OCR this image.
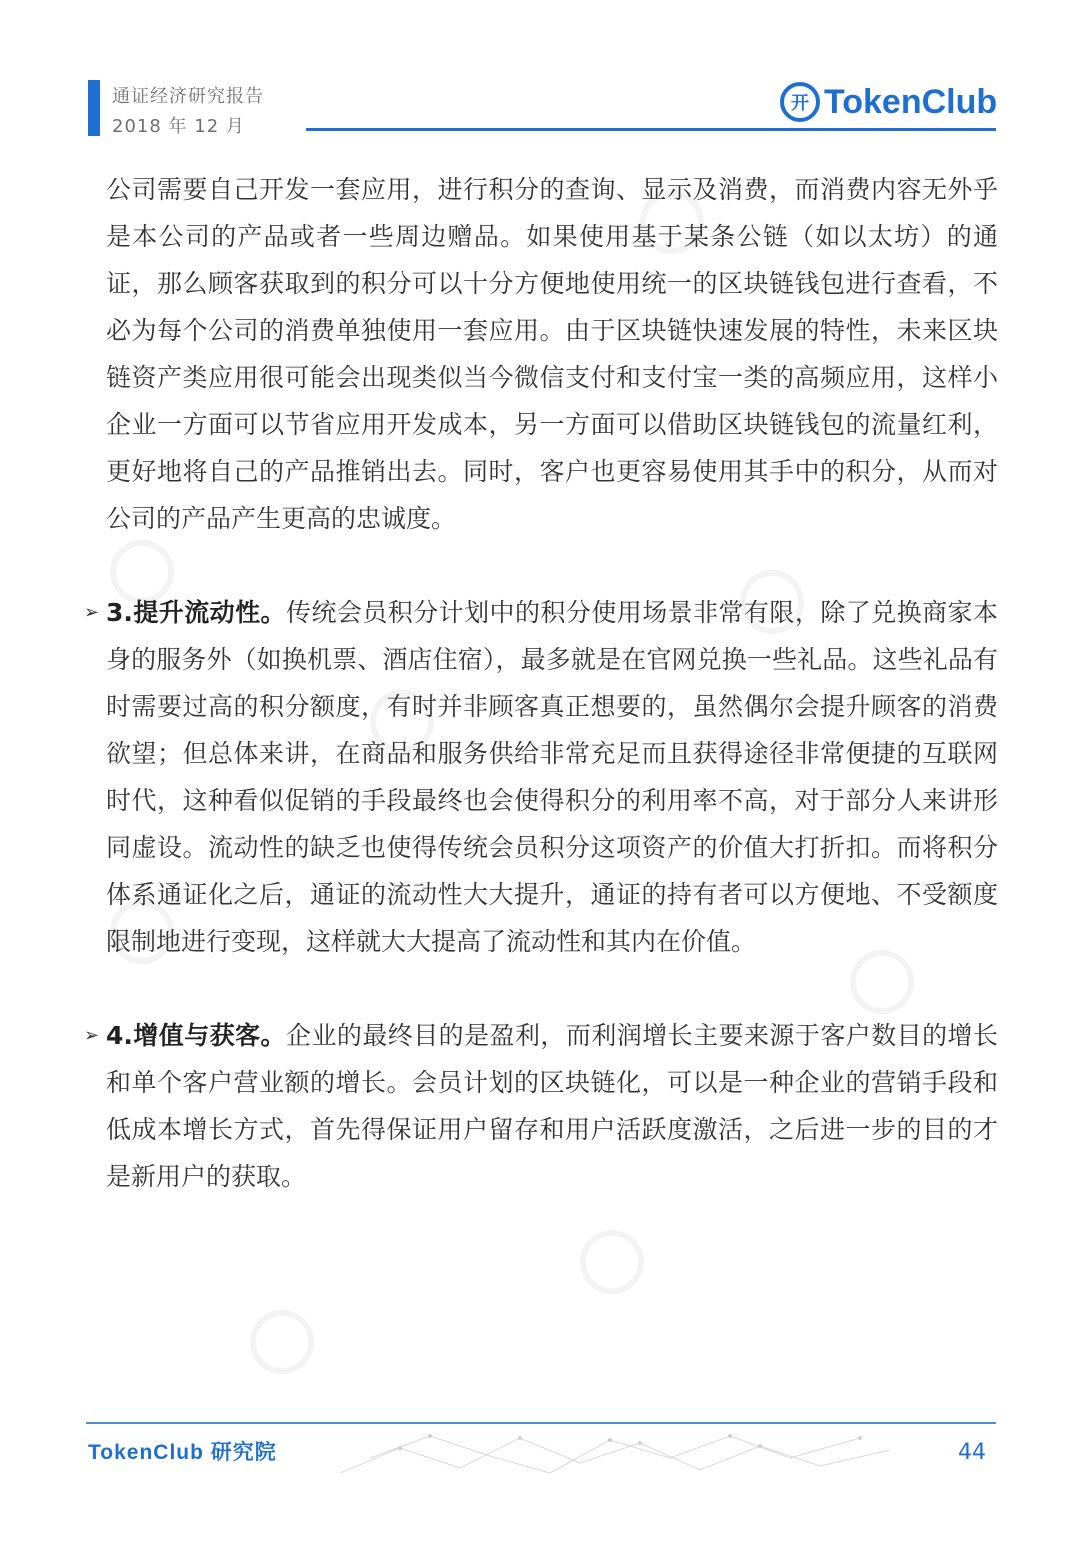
通证经济研究报告
2018 年 12 月
开 TokenClub

公司需要自己开发一套应用，进行积分的查询、显示及消费，而消费内容无外乎是本公司的产品或者一些周边赠品。如果使用基于某条公链（如以太坊）的通证，那么顾客获取到的积分可以十分方便地使用统一的区块链钱包进行查看，不必为每个公司的消费单独使用一套应用。由于区块链快速发展的特性，未来区块链资产类应用很可能会出现类似当今微信支付和支付宝一类的高频应用，这样小企业一方面可以节省应用开发成本，另一方面可以借助区块链钱包的流量红利，更好地将自己的产品推销出去。同时，客户也更容易使用其手中的积分，从而对公司的产品产生更高的忠诚度。

➢ 3.提升流动性。传统会员积分计划中的积分使用场景非常有限，除了兑换商家本身的服务外（如换机票、酒店住宿），最多就是在官网兑换一些礼品。这些礼品有时需要过高的积分额度，有时并非顾客真正想要的，虽然偶尔会提升顾客的消费欲望；但总体来讲，在商品和服务供给非常充足而且获得途径非常便捷的互联网时代，这种看似促销的手段最终也会使得积分的利用率不高，对于部分人来讲形同虚设。流动性的缺乏也使得传统会员积分这项资产的价值大打折扣。而将积分体系通证化之后，通证的流动性大大提升，通证的持有者可以方便地、不受额度限制地进行变现，这样就大大提高了流动性和其内在价值。

➢ 4.增值与获客。企业的最终目的是盈利，而利润增长主要来源于客户数目的增长和单个客户营业额的增长。会员计划的区块链化，可以是一种企业的营销手段和低成本增长方式，首先得保证用户留存和用户活跃度激活，之后进一步的目的才是新用户的获取。

TokenClub 研究院	44
